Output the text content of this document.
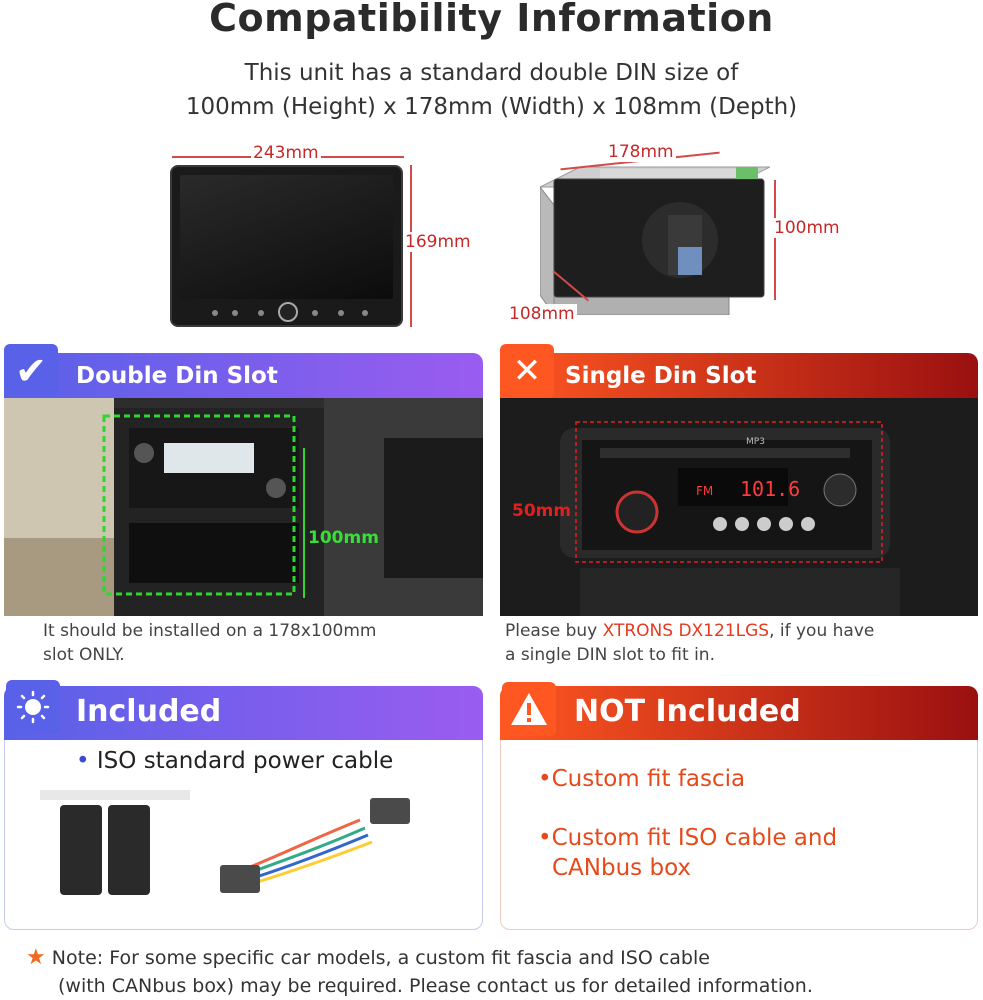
Compatibility Information
This unit has a standard double DIN size of
100mm (Height) x 178mm (Width) x 108mm (Depth)
243mm
169mm
178mm
100mm
108mm
✔	Double Din Slot
100mm
It should be installed on a 178x100mm
slot ONLY.
✕	Single Din Slot
101.6
FM
MP3
50mm
Please buy XTRONS DX121LGS, if you have
a single DIN slot to fit in.
Included
• ISO standard power cable
NOT Included
•Custom fit fascia
•Custom fit ISO cable and
CANbus box
★ Note: For some specific car models, a custom fit fascia and ISO cable
(with CANbus box) may be required. Please contact us for detailed information.
